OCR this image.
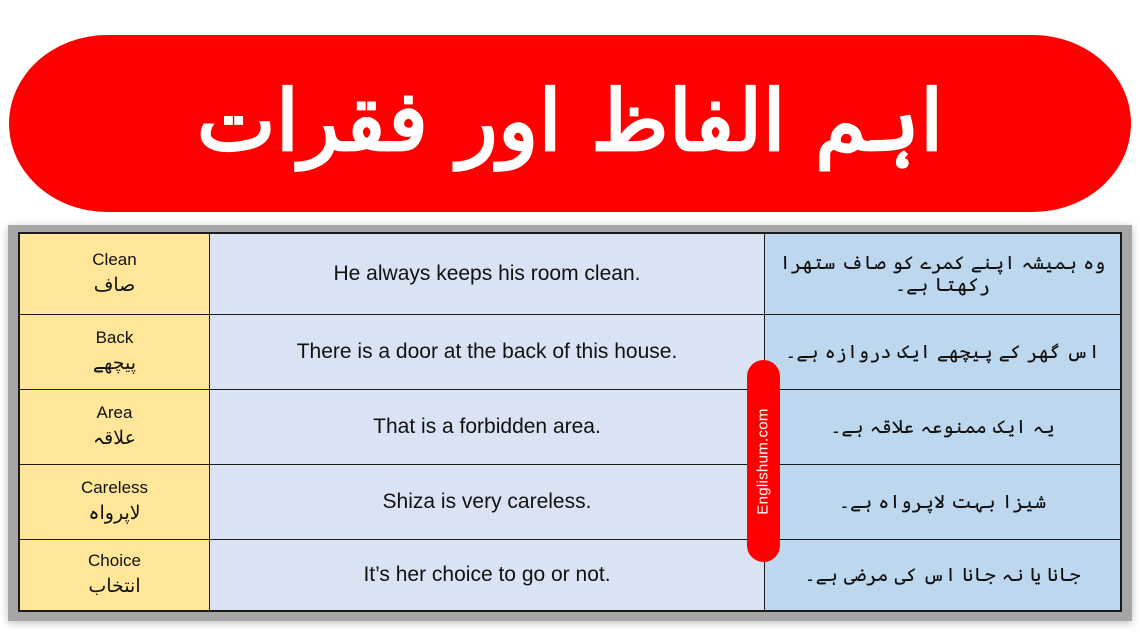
اہم الفاظ اور فقرات
Clean
صاف	He always keeps his room clean.	وہ ہمیشہ اپنے کمرے کو صاف ستھرا رکھتا ہے۔
Back
پیچھے	There is a door at the back of this house.	اس گھر کے پیچھے ایک دروازہ ہے۔
Area
علاقہ	That is a forbidden area.	یہ ایک ممنوعہ علاقہ ہے۔
Careless
لاپرواہ	Shiza is very careless.	شیزا بہت لاپرواہ ہے۔
Choice
انتخاب	It’s her choice to go or not.	جانا یا نہ جانا اس کی مرضی ہے۔
Englishum.com
